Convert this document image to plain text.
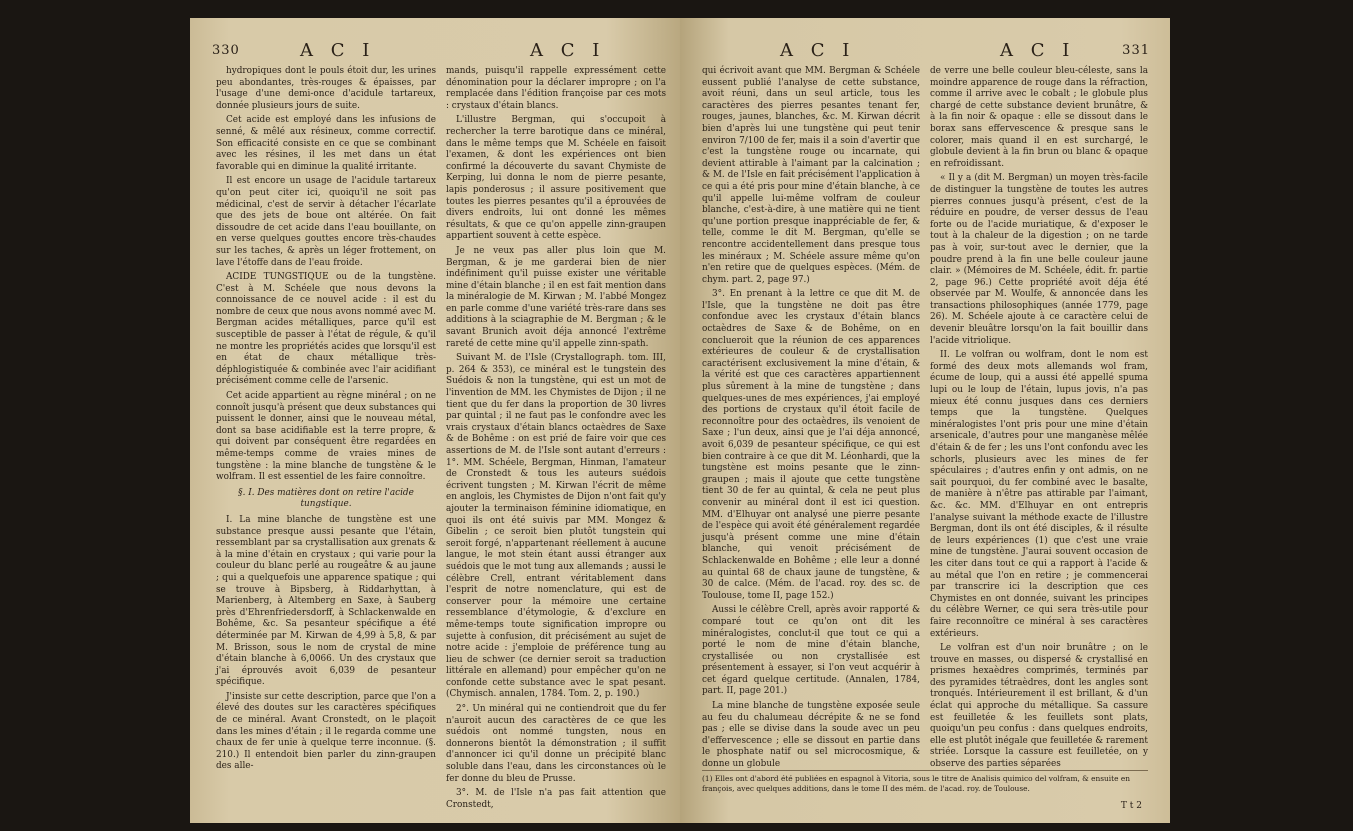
330	A C I	A C I

hydropiques dont le pouls étoit dur, les urines peu abondantes, très-rouges & épaisses, par l'usage d'une demi-once d'acidule tartareux, donnée plusieurs jours de suite.

Cet acide est employé dans les infusions de senné, & mêlé aux résineux, comme correctif. Son efficacité consiste en ce que se combinant avec les résines, il les met dans un état favorable qui en diminue la qualité irritante.

Il est encore un usage de l'acidule tartareux qu'on peut citer ici, quoiqu'il ne soit pas médicinal, c'est de servir à détacher l'écarlate que des jets de boue ont altérée. On fait dissoudre de cet acide dans l'eau bouillante, on en verse quelques gouttes encore très-chaudes sur les taches, & après un léger frottement, on lave l'étoffe dans de l'eau froide.

ACIDE TUNGSTIQUE ou de la tungstène. C'est à M. Schéele que nous devons la connoissance de ce nouvel acide : il est du nombre de ceux que nous avons nommé avec M. Bergman acides métalliques, parce qu'il est susceptible de passer à l'état de régule, & qu'il ne montre les propriétés acides que lorsqu'il est en état de chaux métallique très-déphlogistiquée & combinée avec l'air acidifiant précisément comme celle de l'arsenic.

Cet acide appartient au règne minéral ; on ne connoît jusqu'à présent que deux substances qui puissent le donner, ainsi que le nouveau métal, dont sa base acidifiable est la terre propre, & qui doivent par conséquent être regardées en même-temps comme de vraies mines de tungstène : la mine blanche de tungstène & le wolfram. Il est essentiel de les faire connoître.

§. I. Des matières dont on retire l'acide tungstique.

I. La mine blanche de tungstène est une substance presque aussi pesante que l'étain, ressemblant par sa crystallisation aux grenats & à la mine d'étain en crystaux ; qui varie pour la couleur du blanc perlé au rougeâtre & au jaune ; qui a quelquefois une apparence spatique ; qui se trouve à Bipsberg, à Riddarhyttan, à Marienberg, à Altemberg en Saxe, à Sauberg près d'Ehrenfriedersdorff, à Schlackenwalde en Bohême, &c. Sa pesanteur spécifique a été déterminée par M. Kirwan de 4,99 à 5,8, & par M. Brisson, sous le nom de crystal de mine d'étain blanche à 6,0066. Un des crystaux que j'ai éprouvés avoit 6,039 de pesanteur spécifique.

J'insiste sur cette description, parce que l'on a élevé des doutes sur les caractères spécifiques de ce minéral. Avant Cronstedt, on le plaçoit dans les mines d'étain ; il le regarda comme une chaux de fer unie à quelque terre inconnue. (§. 210.) Il entendoit bien parler du zinn-graupen des alle-

mands, puisqu'il rappelle expressément cette dénomination pour la déclarer impropre ; on l'a remplacée dans l'édition françoise par ces mots : crystaux d'étain blancs.

L'illustre Bergman, qui s'occupoit à rechercher la terre barotique dans ce minéral, dans le même temps que M. Schéele en faisoit l'examen, & dont les expériences ont bien confirmé la découverte du savant Chymiste de Kerping, lui donna le nom de pierre pesante, lapis ponderosus ; il assure positivement que toutes les pierres pesantes qu'il a éprouvées de divers endroits, lui ont donné les mêmes résultats, & que ce qu'on appelle zinn-graupen appartient souvent à cette espèce.

Je ne veux pas aller plus loin que M. Bergman, & je me garderai bien de nier indéfiniment qu'il puisse exister une véritable mine d'étain blanche ; il en est fait mention dans la minéralogie de M. Kirwan ; M. l'abbé Mongez en parle comme d'une variété très-rare dans ses additions à la sciagraphie de M. Bergman ; & le savant Brunich avoit déja annoncé l'extrême rareté de cette mine qu'il appelle zinn-spath.

Suivant M. de l'Isle (Crystallograph. tom. III, p. 264 & 353), ce minéral est le tungstein des Suédois & non la tungstène, qui est un mot de l'invention de MM. les Chymistes de Dijon ; il ne tient que du fer dans la proportion de 30 livres par quintal ; il ne faut pas le confondre avec les vrais crystaux d'étain blancs octaèdres de Saxe & de Bohême : on est prié de faire voir que ces assertions de M. de l'Isle sont autant d'erreurs : 1°. MM. Schéele, Bergman, Hinman, l'amateur de Cronstedt & tous les auteurs suédois écrivent tungsten ; M. Kirwan l'écrit de même en anglois, les Chymistes de Dijon n'ont fait qu'y ajouter la terminaison féminine idiomatique, en quoi ils ont été suivis par MM. Mongez & Gibelin ; ce seroit bien plutôt tungstein qui seroit forgé, n'appartenant réellement à aucune langue, le mot stein étant aussi étranger aux suédois que le mot tung aux allemands ; aussi le célèbre Crell, entrant véritablement dans l'esprit de notre nomenclature, qui est de conserver pour la mémoire une certaine ressemblance d'étymologie, & d'exclure en même-temps toute signification impropre ou sujette à confusion, dit précisément au sujet de notre acide : j'emploie de préférence tung au lieu de schwer (ce dernier seroit sa traduction littérale en allemand) pour empêcher qu'on ne confonde cette substance avec le spat pesant. (Chymisch. annalen, 1784. Tom. 2, p. 190.)

2°. Un minéral qui ne contiendroit que du fer n'auroit aucun des caractères de ce que les suédois ont nommé tungsten, nous en donnerons bientôt la démonstration ; il suffit d'annoncer ici qu'il donne un précipité blanc soluble dans l'eau, dans les circonstances où le fer donne du bleu de Prusse.

3°. M. de l'Isle n'a pas fait attention que Cronstedt,

A C I	A C I	331

qui écrivoit avant que MM. Bergman & Schéele eussent publié l'analyse de cette substance, avoit réuni, dans un seul article, tous les caractères des pierres pesantes tenant fer, rouges, jaunes, blanches, &c. M. Kirwan décrit bien d'après lui une tungstène qui peut tenir environ 7/100 de fer, mais il a soin d'avertir que c'est la tungstène rouge ou incarnate, qui devient attirable à l'aimant par la calcination ; & M. de l'Isle en fait précisément l'application à ce qui a été pris pour mine d'étain blanche, à ce qu'il appelle lui-même volfram de couleur blanche, c'est-à-dire, à une matière qui ne tient qu'une portion presque inappréciable de fer, & telle, comme le dit M. Bergman, qu'elle se rencontre accidentellement dans presque tous les minéraux ; M. Schéele assure même qu'on n'en retire que de quelques espèces. (Mém. de chym. part. 2, page 97.)

3°. En prenant à la lettre ce que dit M. de l'Isle, que la tungstène ne doit pas être confondue avec les crystaux d'étain blancs octaèdres de Saxe & de Bohême, on en conclueroit que la réunion de ces apparences extérieures de couleur & de crystallisation caractérisent exclusivement la mine d'étain, & la vérité est que ces caractères appartiennent plus sûrement à la mine de tungstène ; dans quelques-unes de mes expériences, j'ai employé des portions de crystaux qu'il étoit facile de reconnoître pour des octaèdres, ils venoient de Saxe ; l'un deux, ainsi que je l'ai déja annoncé, avoit 6,039 de pesanteur spécifique, ce qui est bien contraire à ce que dit M. Léonhardi, que la tungstène est moins pesante que le zinn-graupen ; mais il ajoute que cette tungstène tient 30 de fer au quintal, & cela ne peut plus convenir au minéral dont il est ici question. MM. d'Elhuyar ont analysé une pierre pesante de l'espèce qui avoit été généralement regardée jusqu'à présent comme une mine d'étain blanche, qui venoit précisément de Schlackenwalde en Bohême ; elle leur a donné au quintal 68 de chaux jaune de tungstène, & 30 de calce. (Mém. de l'acad. roy. des sc. de Toulouse, tome II, page 152.)

Aussi le célèbre Crell, après avoir rapporté & comparé tout ce qu'on ont dit les minéralogistes, conclut-il que tout ce qui a porté le nom de mine d'étain blanche, crystallisée ou non crystallisée est présentement à essayer, si l'on veut acquérir à cet égard quelque certitude. (Annalen, 1784, part. II, page 201.)

La mine blanche de tungstène exposée seule au feu du chalumeau décrépite & ne se fond pas ; elle se divise dans la soude avec un peu d'effervescence ; elle se dissout en partie dans le phosphate natif ou sel microcosmique, & donne un globule

de verre une belle couleur bleu-céleste, sans la moindre apparence de rouge dans la réfraction, comme il arrive avec le cobalt ; le globule plus chargé de cette substance devient brunâtre, & à la fin noir & opaque : elle se dissout dans le borax sans effervescence & presque sans le colorer, mais quand il en est surchargé, le globule devient à la fin brun ou blanc & opaque en refroidissant.

« Il y a (dit M. Bergman) un moyen très-facile de distinguer la tungstène de toutes les autres pierres connues jusqu'à présent, c'est de la réduire en poudre, de verser dessus de l'eau forte ou de l'acide muriatique, & d'exposer le tout à la chaleur de la digestion ; on ne tarde pas à voir, sur-tout avec le dernier, que la poudre prend à la fin une belle couleur jaune clair. » (Mémoires de M. Schéele, édit. fr. partie 2, page 96.) Cette propriété avoit déja été observée par M. Woulfe, & annoncée dans les transactions philosophiques (année 1779, page 26). M. Schéele ajoute à ce caractère celui de devenir bleuâtre lorsqu'on la fait bouillir dans l'acide vitriolique.

II. Le volfran ou wolfram, dont le nom est formé des deux mots allemands wol fram, écume de loup, qui a aussi été appellé spuma lupi ou le loup de l'étain, lupus jovis, n'a pas mieux été connu jusques dans ces derniers temps que la tungstène. Quelques minéralogistes l'ont pris pour une mine d'étain arsenicale, d'autres pour une manganèse mêlée d'étain & de fer ; les uns l'ont confondu avec les schorls, plusieurs avec les mines de fer spéculaires ; d'autres enfin y ont admis, on ne sait pourquoi, du fer combiné avec le basalte, de manière à n'être pas attirable par l'aimant, &c. &c. MM. d'Elhuyar en ont entrepris l'analyse suivant la méthode exacte de l'illustre Bergman, dont ils ont été disciples, & il résulte de leurs expériences (1) que c'est une vraie mine de tungstène. J'aurai souvent occasion de les citer dans tout ce qui a rapport à l'acide & au métal que l'on en retire ; je commencerai par transcrire ici la description que ces Chymistes en ont donnée, suivant les principes du célèbre Werner, ce qui sera très-utile pour faire reconnoître ce minéral à ses caractères extérieurs.

Le volfran est d'un noir brunâtre ; on le trouve en masses, ou dispersé & crystallisé en prismes hexaèdres comprimés, terminés par des pyramides tétraèdres, dont les angles sont tronqués. Intérieurement il est brillant, & d'un éclat qui approche du métallique. Sa cassure est feuilletée & les feuillets sont plats, quoiqu'un peu confus : dans quelques endroits, elle est plutôt inégale que feuilletée & rarement striée. Lorsque la cassure est feuilletée, on y observe des parties séparées

(1) Elles ont d'abord été publiées en espagnol à Vitoria, sous le titre de Analisis quimico del volfram, & ensuite en françois, avec quelques additions, dans le tome II des mém. de l'acad. roy. de Toulouse.
T t 2
